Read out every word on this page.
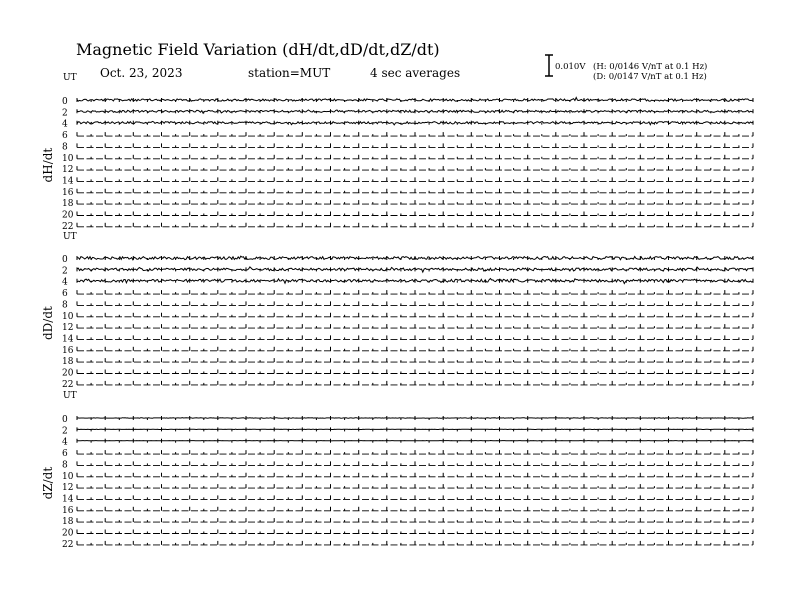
Magnetic Field Variation (dH/dt,dD/dt,dZ/dt)
Oct. 23, 2023	station=MUT	4 sec averages	0.010V (H: 0/0146 V/nT at 0.1 Hz)
(D: 0/0147 V/nT at 0.1 Hz)
UT
dH/dt
0
2
4
6
8
10
12
14
16
18
20
22
UT
dD/dt
0
2
4
6
8
10
12
14
16
18
20
22
UT
dZ/dt
0
2
4
6
8
10
12
14
16
18
20
22
